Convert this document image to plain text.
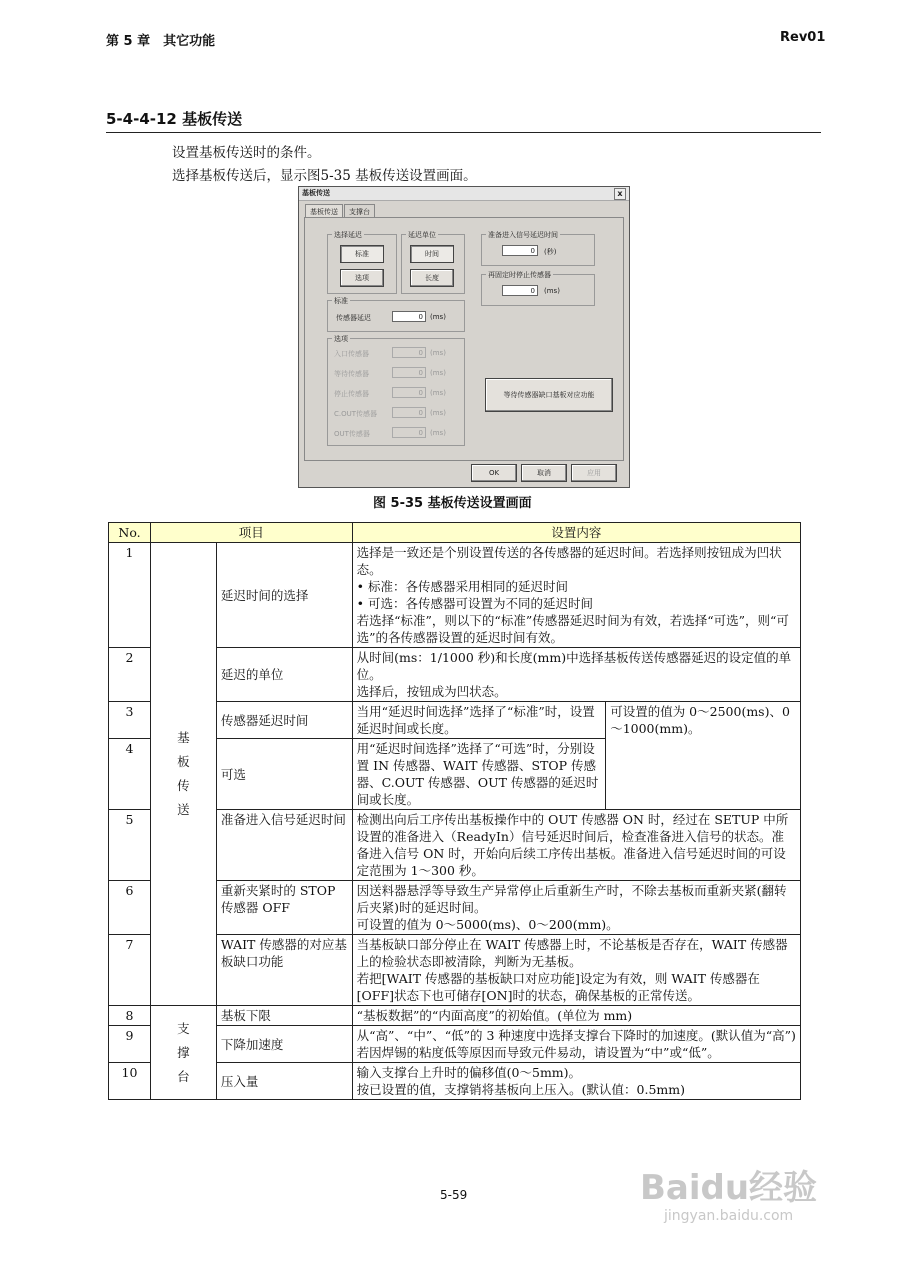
第 5 章　其它功能	Rev01
5-4-4-12 基板传送
设置基板传送时的条件。
选择基板传送后，显示图5-35 基板传送设置画面。
基板传送	x
基板传送 支撑台
选择延迟
标准
选项
延迟单位
时间
长度
标准
传感器延迟	0	(ms)
选项
入口传感器	0	(ms)
等待传感器	0	(ms)
停止传感器	0	(ms)
C.OUT传感器	0	(ms)
OUT传感器	0	(ms)
准备进入信号延迟时间
0	(秒)
再固定时停止传感器
0	(ms)
等待传感器缺口基板对应功能
OK	取消	应用
图 5-35 基板传送设置画面
No.	项目		设置内容	
1	基板传送	延迟时间的选择	选择是一致还是个别设置传送的各传感器的延迟时间。若选择则按钮成为凹状态。
• 标准：各传感器采用相同的延迟时间
• 可选：各传感器可设置为不同的延迟时间
若选择“标准”，则以下的“标准”传感器延迟时间为有效，若选择“可选”，则“可选”的各传感器设置的延迟时间有效。	

2		延迟的单位	从时间(ms：1/1000 秒)和长度(mm)中选择基板传送传感器延迟的设定值的单位。
选择后，按钮成为凹状态。	

3		传感器延迟时间	当用“延迟时间选择”选择了“标准”时，设置延迟时间或长度。	可设置的值为 0～2500(ms)、0～1000(mm)。
4		可选	用“延迟时间选择”选择了“可选”时，分别设置 IN 传感器、WAIT 传感器、STOP 传感器、C.OUT 传感器、OUT 传感器的延迟时间或长度。	
5		准备进入信号延迟时间	检测出向后工序传出基板操作中的 OUT 传感器 ON 时，经过在 SETUP 中所设置的准备进入（ReadyIn）信号延迟时间后，检查准备进入信号的状态。准备进入信号 ON 时，开始向后续工序传出基板。准备进入信号延迟时间的可设定范围为 1～300 秒。	
6		重新夹紧时的 STOP 传感器 OFF	因送料器悬浮等导致生产异常停止后重新生产时，不除去基板而重新夹紧(翻转后夹紧)时的延迟时间。
可设置的值为 0～5000(ms)、0～200(mm)。	

7		WAIT 传感器的对应基板缺口功能	当基板缺口部分停止在 WAIT 传感器上时，不论基板是否存在，WAIT 传感器上的检验状态即被清除，判断为无基板。
若把[WAIT 传感器的基板缺口对应功能]设定为有效，则 WAIT 传感器在[OFF]状态下也可储存[ON]时的状态，确保基板的正常传送。	

8	支撑台	基板下限	“基板数据”的“内面高度”的初始值。(单位为 mm)	
9		下降加速度	从“高”、“中”、“低”的 3 种速度中选择支撑台下降时的加速度。(默认值为“高”)
若因焊锡的粘度低等原因而导致元件易动，请设置为“中”或“低”。	

10		压入量	输入支撑台上升时的偏移值(0～5mm)。
按已设置的值，支撑销将基板向上压入。(默认值：0.5mm)	
5-59	Baidu经验
jingyan.baidu.com
